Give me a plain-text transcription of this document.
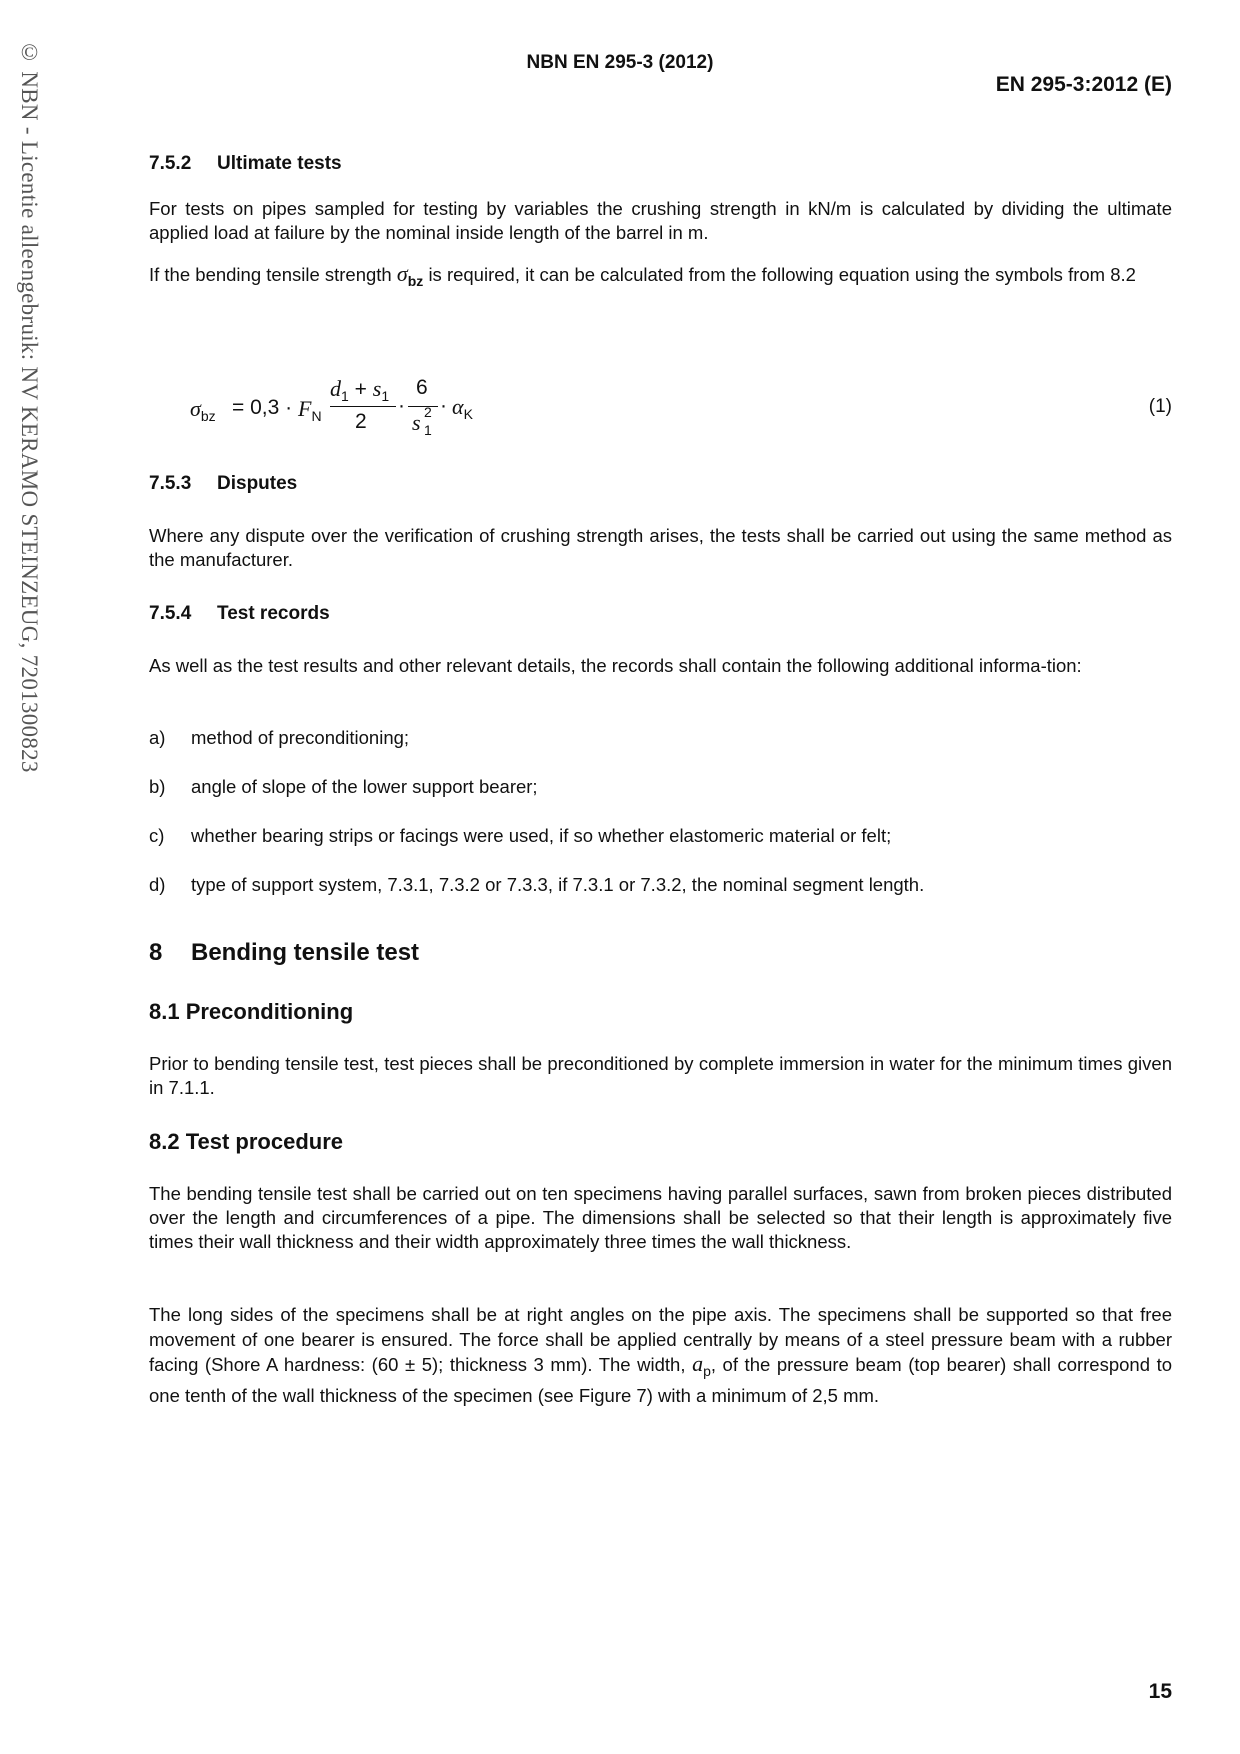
© NBN - Licentie alleengebruik: NV KERAMO STEINZEUG, 7201300823	NBN EN 295-3 (2012)
EN 295-3:2012 (E)
7.5.2 Ultimate tests
For tests on pipes sampled for testing by variables the crushing strength in kN/m is calculated by dividing the ultimate applied load at failure by the nominal inside length of the barrel in m.
If the bending tensile strength $\sigma_{bz}$ is required, it can be calculated from the following equation using the symbols from 8.2
$\sigma_{bz} = 0,3 \cdot F_N$
$d_1 + s_1$
2
·
6
s 2
1
· $\alpha_K$	(1)
7.5.3 Disputes
Where any dispute over the verification of crushing strength arises, the tests shall be carried out using the same method as the manufacturer.
7.5.4 Test records
As well as the test results and other relevant details, the records shall contain the following additional informa-tion:
a) method of preconditioning;
b) angle of slope of the lower support bearer;
c) whether bearing strips or facings were used, if so whether elastomeric material or felt;
d) type of support system, 7.3.1, 7.3.2 or 7.3.3, if 7.3.1 or 7.3.2, the nominal segment length.
8 Bending tensile test
8.1 Preconditioning
Prior to bending tensile test, test pieces shall be preconditioned by complete immersion in water for the minimum times given in 7.1.1.
8.2 Test procedure
The bending tensile test shall be carried out on ten specimens having parallel surfaces, sawn from broken pieces distributed over the length and circumferences of a pipe. The dimensions shall be selected so that their length is approximately five times their wall thickness and their width approximately three times the wall thickness.
The long sides of the specimens shall be at right angles on the pipe axis. The specimens shall be supported so that free movement of one bearer is ensured. The force shall be applied centrally by means of a steel pressure beam with a rubber facing (Shore A hardness: (60 ± 5); thickness 3 mm). The width, $a_p$, of the pressure beam (top bearer) shall correspond to one tenth of the wall thickness of the specimen (see Figure 7) with a minimum of 2,5 mm.
15
